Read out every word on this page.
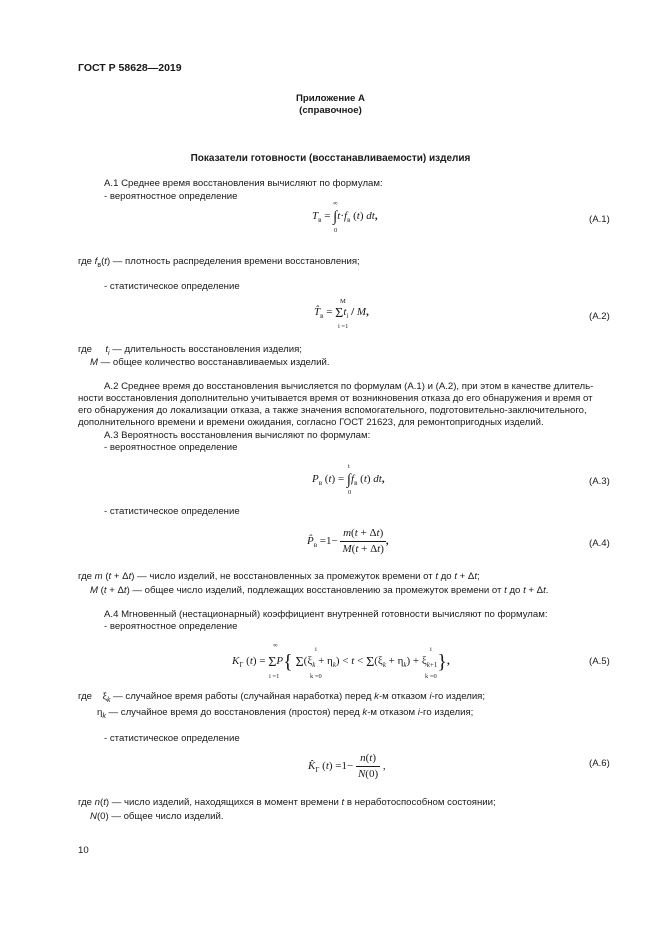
ГОСТ Р 58628—2019
Приложение А
(справочное)
Показатели готовности (восстанавливаемости) изделия
А.1 Среднее время восстановления вычисляют по формулам:
- вероятностное определение
∞
$T_в = \int t\cdot f_в$ (t) dt,
0
(А.1)
где $f_в(t)$ — плотность распределения времени восстановления;
- статистическое определение
M
$T̂_в = \Sigma t_i / M$,
i =1
(А.2)
где     $t_i$ — длительность восстановления изделия;
M — общее количество восстанавливаемых изделий.
А.2 Среднее время до восстановления вычисляется по формулам (А.1) и (А.2), при этом в качестве длитель-
ности восстановления дополнительно учитывается время от возникновения отказа до его обнаружения и время от
его обнаружения до локализации отказа, а также значения вспомогательного, подготовительно-заключительного,
дополнительного времени и времени ожидания, согласно ГОСТ 21623, для ремонтопригодных изделий.
А.3 Вероятность восстановления вычисляют по формулам:
- вероятностное определение
t
$P_в$ $(t) = \int f_в$ (t) dt,
0
(А.3)
- статистическое определение
$P̂_в =1- \frac{m(t + \Delta t)}{M(t + \Delta t)}$ ,	(А.4)
где m (t + Δt) — число изделий, не восстановленных за промежуток времени от t до t + Δt;
M (t + Δt) — общее число изделий, подлежащих восстановлению за промежуток времени от t до t + Δt.
А.4 Мгновенный (нестационарный) коэффициент внутренней готовности вычисляют по формулам:
- вероятностное определение
∞
i	i
$K_Г$ (t) = ΣP{ $\Sigma(\xi_k + \eta_k) < t < \Sigma(\xi_k + \eta_k) + \xi_{k+1}$},
i =1	k =0	k =0
(А.5)
где    $\xi_k$ — случайное время работы (случайная наработка) перед k-м отказом i-го изделия;
$\eta_k$ — случайное время до восстановления (простоя) перед k-м отказом i-го изделия;
- статистическое определение
$K̂_Г$ $(t) =1- \frac{n(t)}{N(0)}$ ,	(А.6)
где n(t) — число изделий, находящихся в момент времени t в неработоспособном состоянии;
N(0) — общее число изделий.
10
